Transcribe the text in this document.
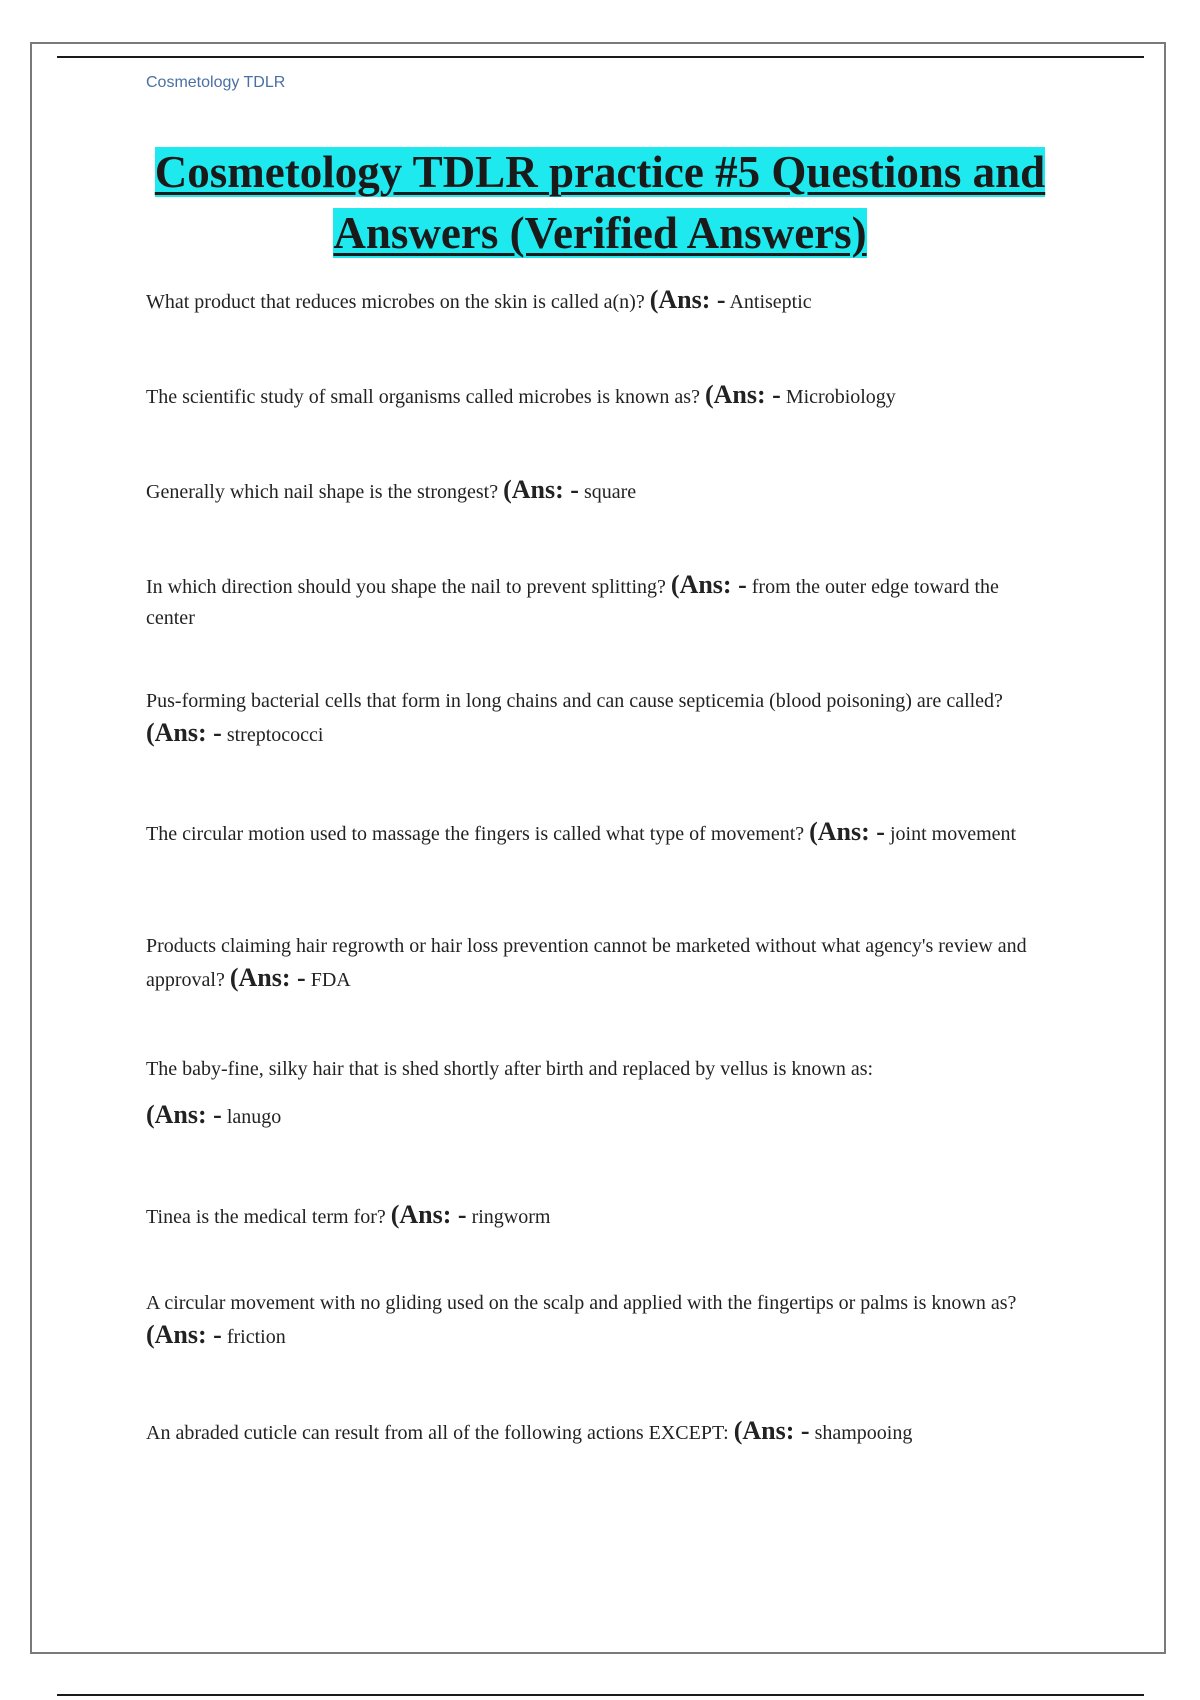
Cosmetology TDLR
Cosmetology TDLR practice #5 Questions and Answers (Verified Answers)
What product that reduces microbes on the skin is called a(n)? (Ans: - Antiseptic
The scientific study of small organisms called microbes is known as? (Ans: - Microbiology
Generally which nail shape is the strongest? (Ans: - square
In which direction should you shape the nail to prevent splitting? (Ans: - from the outer edge toward the center
Pus-forming bacterial cells that form in long chains and can cause septicemia (blood poisoning) are called? (Ans: - streptococci
The circular motion used to massage the fingers is called what type of movement? (Ans: - joint movement
Products claiming hair regrowth or hair loss prevention cannot be marketed without what agency's review and approval? (Ans: - FDA
The baby-fine, silky hair that is shed shortly after birth and replaced by vellus is known as:
(Ans: - lanugo
Tinea is the medical term for? (Ans: - ringworm
A circular movement with no gliding used on the scalp and applied with the fingertips or palms is known as? (Ans: - friction
An abraded cuticle can result from all of the following actions EXCEPT: (Ans: - shampooing
